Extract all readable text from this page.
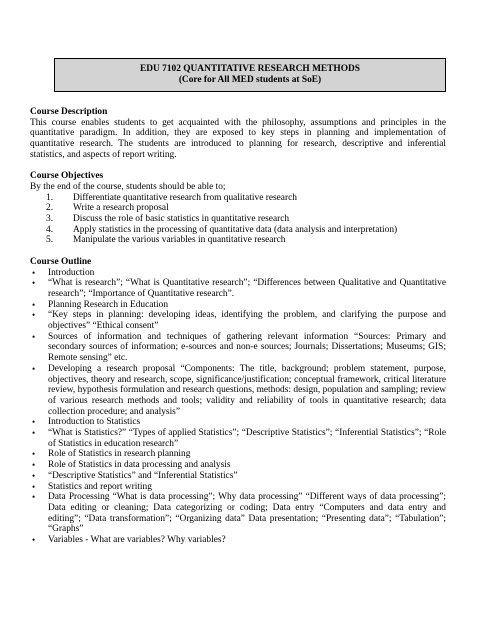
EDU 7102 QUANTITATIVE RESEARCH METHODS
(Core for All MED students at SoE)

Course Description

This course enables students to get acquainted with the philosophy, assumptions and principles in the quantitative paradigm. In addition, they are exposed to key steps in planning and implementation of quantitative research. The students are introduced to planning for research, descriptive and inferential statistics, and aspects of report writing.

Course Objectives

By the end of the course, students should be able to;

1. Differentiate quantitative research from qualitative research
2. Write a research proposal
3. Discuss the role of basic statistics in quantitative research
4. Apply statistics in the processing of quantitative data (data analysis and interpretation)
5. Manipulate the various variables in quantitative research

Course Outline

• Introduction
• “What is research”; “What is Quantitative research”; “Differences between Qualitative and Quantitative research”; “Importance of Quantitative research”.
• Planning Research in Education
• “Key steps in planning: developing ideas, identifying the problem, and clarifying the purpose and objectives” “Ethical consent”
• Sources of information and techniques of gathering relevant information “Sources: Primary and secondary sources of information; e-sources and non-e sources; Journals; Dissertations; Museums; GIS; Remote sensing” etc.
• Developing a research proposal “Components: The title, background; problem statement, purpose, objectives, theory and research, scope, significance/justification; conceptual framework, critical literature review, hypothesis formulation and research questions, methods: design, population and sampling; review of various research methods and tools; validity and reliability of tools in quantitative research; data collection procedure; and analysis”
• Introduction to Statistics
• “What is Statistics?” “Types of applied Statistics”; “Descriptive Statistics”; “Inferential Statistics”; “Role of Statistics in education research”
• Role of Statistics in research planning
• Role of Statistics in data processing and analysis
• “Descriptive Statistics” and “Inferential Statistics”
• Statistics and report writing
• Data Processing “What is data processing”; Why data processing” “Different ways of data processing”; Data editing or cleaning; Data categorizing or coding; Data entry “Computers and data entry and editing”; “Data transformation”; “Organizing data” Data presentation; “Presenting data”; “Tabulation”; “Graphs”
• Variables - What are variables? Why variables?
